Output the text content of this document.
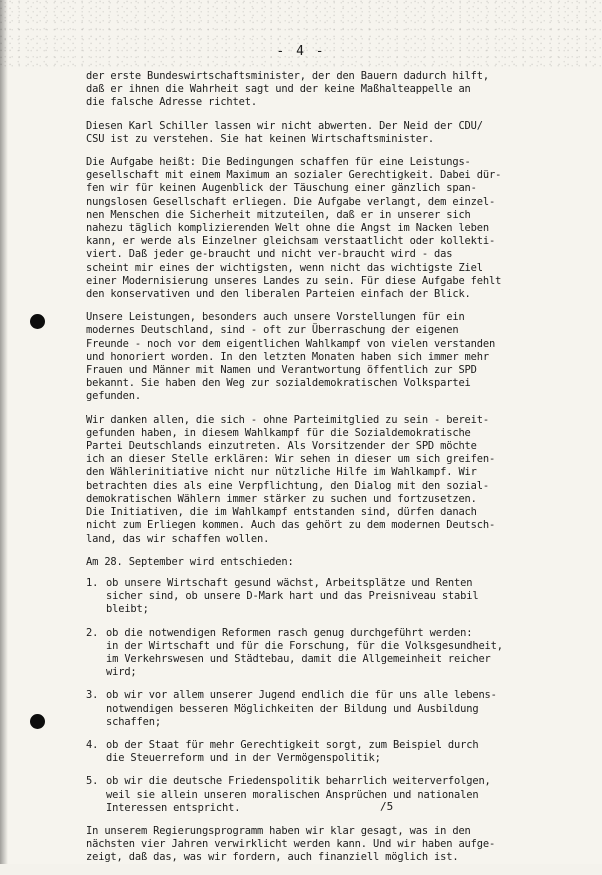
- 4 -

der erste Bundeswirtschaftsminister, der den Bauern dadurch hilft,
daß er ihnen die Wahrheit sagt und der keine Maßhalteappelle an
die falsche Adresse richtet.

Diesen Karl Schiller lassen wir nicht abwerten. Der Neid der CDU/
CSU ist zu verstehen. Sie hat keinen Wirtschaftsminister.

Die Aufgabe heißt: Die Bedingungen schaffen für eine Leistungs-
gesellschaft mit einem Maximum an sozialer Gerechtigkeit. Dabei dür-
fen wir für keinen Augenblick der Täuschung einer gänzlich span-
nungslosen Gesellschaft erliegen. Die Aufgabe verlangt, dem einzel-
nen Menschen die Sicherheit mitzuteilen, daß er in unserer sich
nahezu täglich komplizierenden Welt ohne die Angst im Nacken leben
kann, er werde als Einzelner gleichsam verstaatlicht oder kollekti-
viert. Daß jeder ge-braucht und nicht ver-braucht wird - das
scheint mir eines der wichtigsten, wenn nicht das wichtigste Ziel
einer Modernisierung unseres Landes zu sein. Für diese Aufgabe fehlt
den konservativen und den liberalen Parteien einfach der Blick.

Unsere Leistungen, besonders auch unsere Vorstellungen für ein
modernes Deutschland, sind - oft zur Überraschung der eigenen
Freunde - noch vor dem eigentlichen Wahlkampf von vielen verstanden
und honoriert worden. In den letzten Monaten haben sich immer mehr
Frauen und Männer mit Namen und Verantwortung öffentlich zur SPD
bekannt. Sie haben den Weg zur sozialdemokratischen Volkspartei
gefunden.

Wir danken allen, die sich - ohne Parteimitglied zu sein - bereit-
gefunden haben, in diesem Wahlkampf für die Sozialdemokratische
Partei Deutschlands einzutreten. Als Vorsitzender der SPD möchte
ich an dieser Stelle erklären: Wir sehen in dieser um sich greifen-
den Wählerinitiative nicht nur nützliche Hilfe im Wahlkampf. Wir
betrachten dies als eine Verpflichtung, den Dialog mit den sozial-
demokratischen Wählern immer stärker zu suchen und fortzusetzen.
Die Initiativen, die im Wahlkampf entstanden sind, dürfen danach
nicht zum Erliegen kommen. Auch das gehört zu dem modernen Deutsch-
land, das wir schaffen wollen.

Am 28. September wird entschieden:

1. ob unsere Wirtschaft gesund wächst, Arbeitsplätze und Renten
sicher sind, ob unsere D-Mark hart und das Preisniveau stabil
bleibt;
2. ob die notwendigen Reformen rasch genug durchgeführt werden:
in der Wirtschaft und für die Forschung, für die Volksgesundheit,
im Verkehrswesen und Städtebau, damit die Allgemeinheit reicher
wird;
3. ob wir vor allem unserer Jugend endlich die für uns alle lebens-
notwendigen besseren Möglichkeiten der Bildung und Ausbildung
schaffen;
4. ob der Staat für mehr Gerechtigkeit sorgt, zum Beispiel durch
die Steuerreform und in der Vermögenspolitik;
5. ob wir die deutsche Friedenspolitik beharrlich weiterverfolgen,
weil sie allein unseren moralischen Ansprüchen und nationalen
Interessen entspricht.

In unserem Regierungsprogramm haben wir klar gesagt, was in den
nächsten vier Jahren verwirklicht werden kann. Und wir haben aufge-
zeigt, daß das, was wir fordern, auch finanziell möglich ist.

/5
